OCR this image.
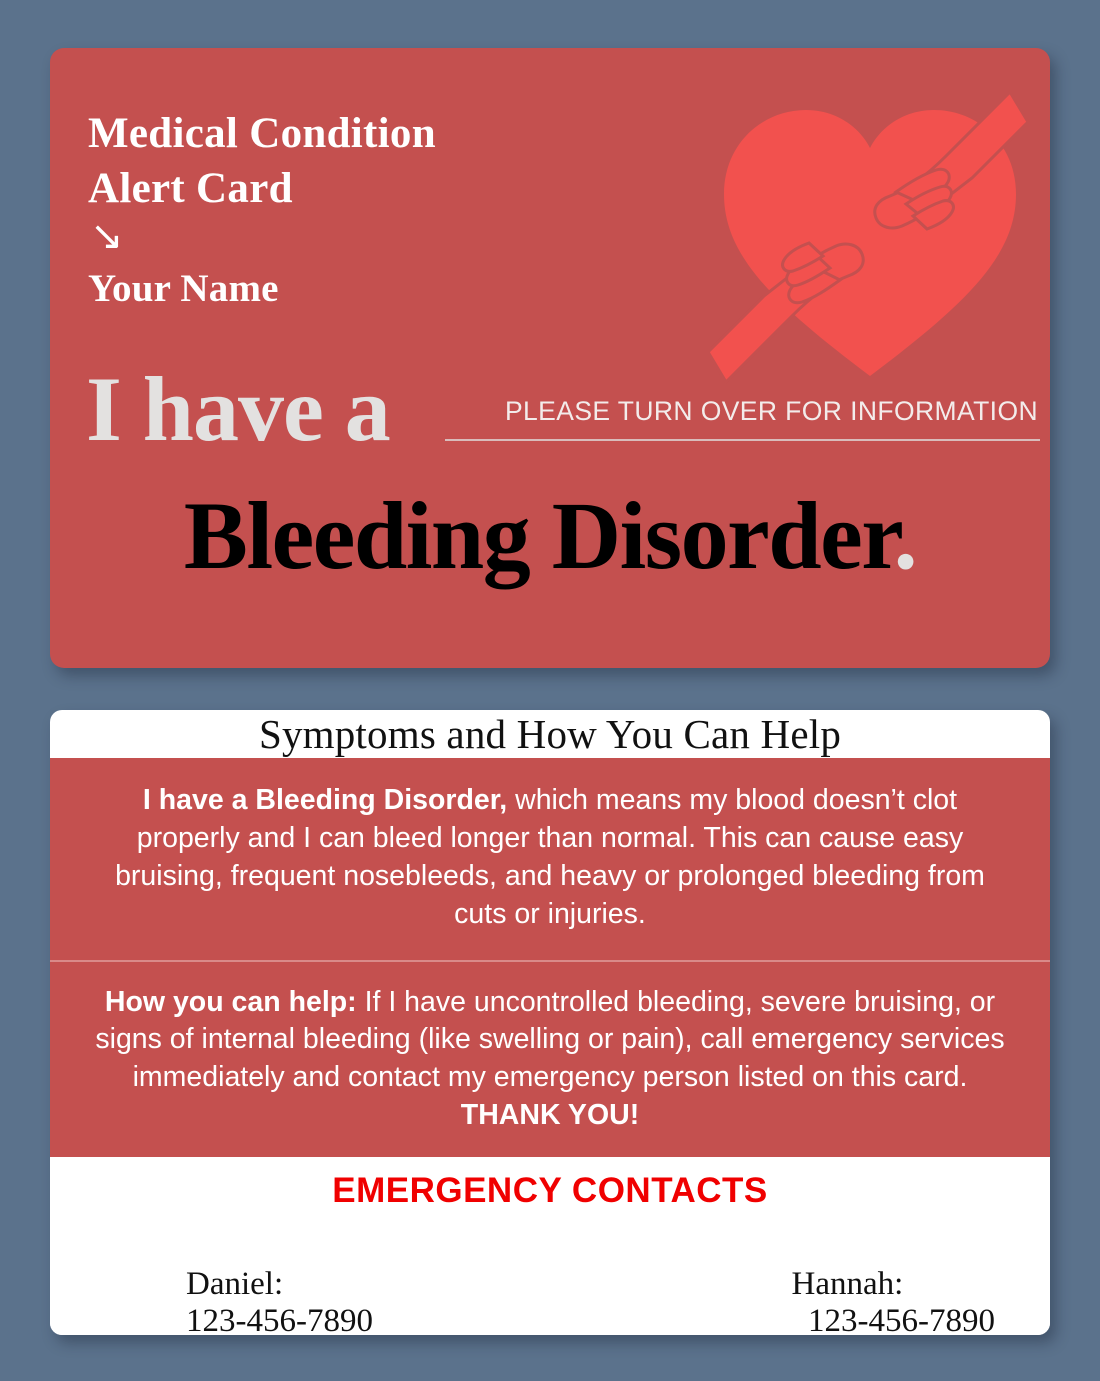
Medical Condition
Alert Card
↘
Your Name
I have a	PLEASE TURN OVER FOR INFORMATION
Bleeding Disorder.
Symptoms and How You Can Help
I have a Bleeding Disorder, which means my blood doesn’t clot properly and I can bleed longer than normal. This can cause easy bruising, frequent nosebleeds, and heavy or prolonged bleeding from cuts or injuries.
How you can help: If I have uncontrolled bleeding, severe bruising, or signs of internal bleeding (like swelling or pain), call emergency services immediately and contact my emergency person listed on this card. THANK YOU!
EMERGENCY CONTACTS

Daniel:
123-456-7890

Hannah:
123-456-7890
